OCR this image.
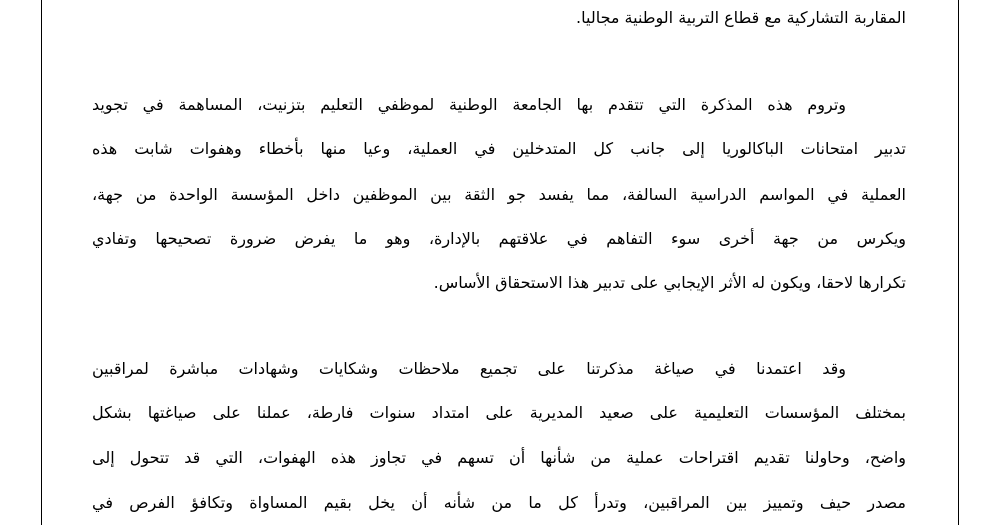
المقاربة التشاركية مع قطاع التربية الوطنية مجاليا.
وتروم هذه المذكرة التي تتقدم بها الجامعة الوطنية لموظفي التعليم بتزنيت، المساهمة في تجويد
تدبير امتحانات الباكالوريا إلى جانب كل المتدخلين في العملية، وعيا منها بأخطاء وهفوات شابت هذه
العملية في المواسم الدراسية السالفة، مما يفسد جو الثقة بين الموظفين داخل المؤسسة الواحدة من جهة،
ويكرس من جهة أخرى سوء التفاهم في علاقتهم بالإدارة، وهو ما يفرض ضرورة تصحيحها وتفادي
تكرارها لاحقا، ويكون له الأثر الإيجابي على تدبير هذا الاستحقاق الأساس.
وقد اعتمدنا في صياغة مذكرتنا على تجميع ملاحظات وشكايات وشهادات مباشرة لمراقبين
بمختلف المؤسسات التعليمية على صعيد المديرية على امتداد سنوات فارطة، عملنا على صياغتها بشكل
واضح، وحاولنا تقديم اقتراحات عملية من شأنها أن تسهم في تجاوز هذه الهفوات، التي قد تتحول إلى
مصدر حيف وتمييز بين المراقبين، وتدرأ كل ما من شأنه أن يخل بقيم المساواة وتكافؤ الفرص في
